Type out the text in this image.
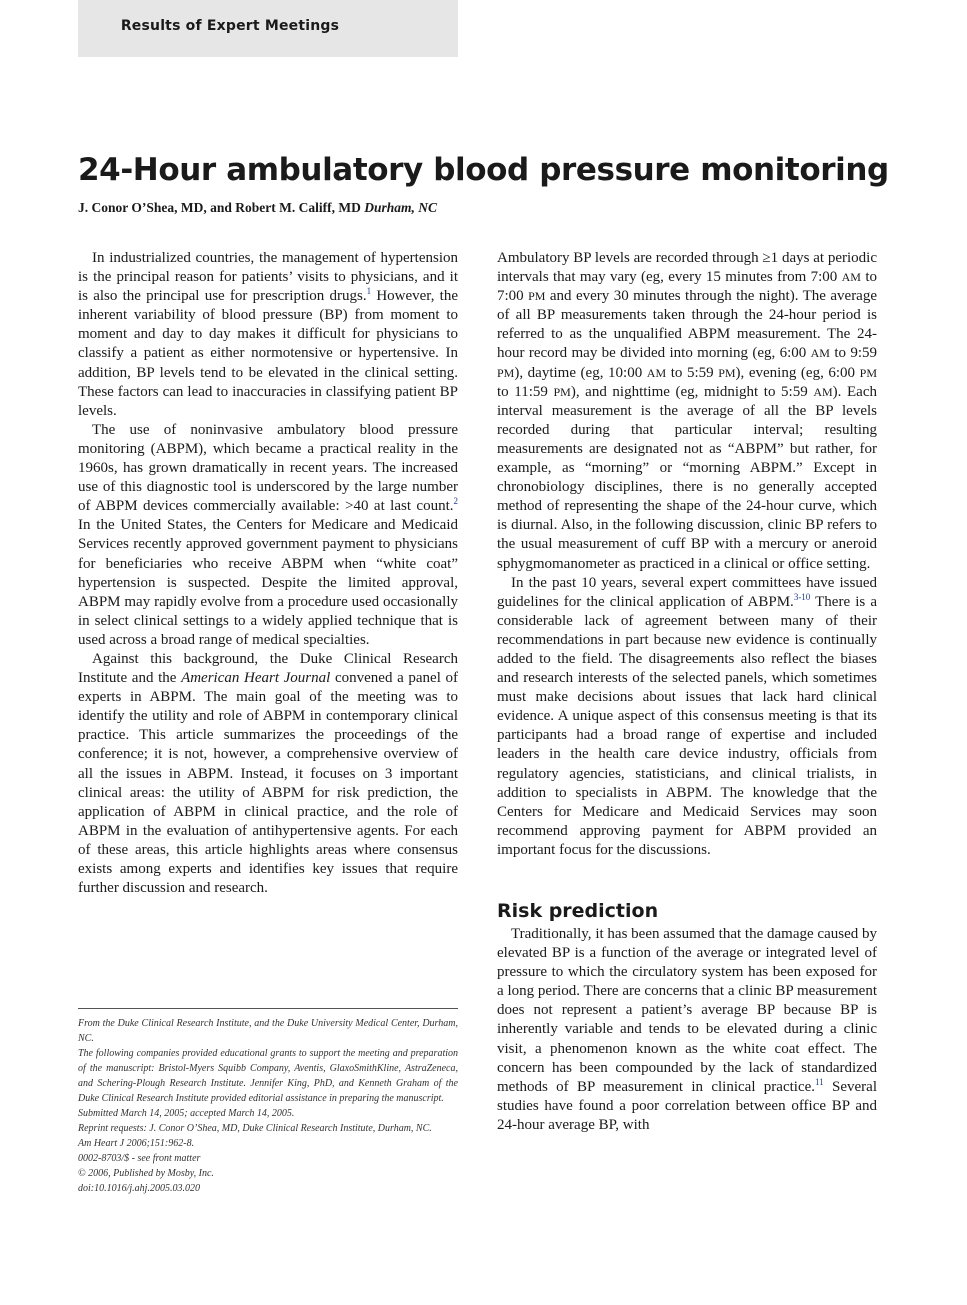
Results of Expert Meetings
24-Hour ambulatory blood pressure monitoring
J. Conor O’Shea, MD, and Robert M. Califf, MD Durham, NC

In industrialized countries, the management of hypertension is the principal reason for patients’ visits to physicians, and it is also the principal use for prescription drugs.$^1$ However, the inherent variability of blood pressure (BP) from moment to moment and day to day makes it difficult for physicians to classify a patient as either normotensive or hypertensive. In addition, BP levels tend to be elevated in the clinical setting. These factors can lead to inaccuracies in classifying patient BP levels.

The use of noninvasive ambulatory blood pressure monitoring (ABPM), which became a practical reality in the 1960s, has grown dramatically in recent years. The increased use of this diagnostic tool is underscored by the large number of ABPM devices commercially available: >40 at last count.$^2$ In the United States, the Centers for Medicare and Medicaid Services recently approved government payment to physicians for beneficiaries who receive ABPM when “white coat” hypertension is suspected. Despite the limited approval, ABPM may rapidly evolve from a procedure used occasionally in select clinical settings to a widely applied technique that is used across a broad range of medical specialties.

Against this background, the Duke Clinical Research Institute and the American Heart Journal convened a panel of experts in ABPM. The main goal of the meeting was to identify the utility and role of ABPM in contemporary clinical practice. This article summarizes the proceedings of the conference; it is not, however, a comprehensive overview of all the issues in ABPM. Instead, it focuses on 3 important clinical areas: the utility of ABPM for risk prediction, the application of ABPM in clinical practice, and the role of ABPM in the evaluation of antihypertensive agents. For each of these areas, this article highlights areas where consensus exists among experts and identifies key issues that require further discussion and research.

From the Duke Clinical Research Institute, and the Duke University Medical Center, Durham, NC.

The following companies provided educational grants to support the meeting and preparation of the manuscript: Bristol-Myers Squibb Company, Aventis, GlaxoSmithKline, AstraZeneca, and Schering-Plough Research Institute. Jennifer King, PhD, and Kenneth Graham of the Duke Clinical Research Institute provided editorial assistance in preparing the manuscript.

Submitted March 14, 2005; accepted March 14, 2005.

Reprint requests: J. Conor O’Shea, MD, Duke Clinical Research Institute, Durham, NC.

Am Heart J 2006;151:962-8.

0002-8703/$ - see front matter

© 2006, Published by Mosby, Inc.

doi:10.1016/j.ahj.2005.03.020

Ambulatory BP levels are recorded through ≥1 days at periodic intervals that may vary (eg, every 15 minutes from 7:00 AM to 7:00 PM and every 30 minutes through the night). The average of all BP measurements taken through the 24-hour period is referred to as the unqualified ABPM measurement. The 24-hour record may be divided into morning (eg, 6:00 AM to 9:59 PM), daytime (eg, 10:00 AM to 5:59 PM), evening (eg, 6:00 PM to 11:59 PM), and nighttime (eg, midnight to 5:59 AM). Each interval measurement is the average of all the BP levels recorded during that particular interval; resulting measurements are designated not as “ABPM” but rather, for example, as “morning” or “morning ABPM.” Except in chronobiology disciplines, there is no generally accepted method of representing the shape of the 24-hour curve, which is diurnal. Also, in the following discussion, clinic BP refers to the usual measurement of cuff BP with a mercury or aneroid sphygmomanometer as practiced in a clinical or office setting.

In the past 10 years, several expert committees have issued guidelines for the clinical application of ABPM.$^{3-10}$ There is a considerable lack of agreement between many of their recommendations in part because new evidence is continually added to the field. The disagreements also reflect the biases and research interests of the selected panels, which sometimes must make decisions about issues that lack hard clinical evidence. A unique aspect of this consensus meeting is that its participants had a broad range of expertise and included leaders in the health care device industry, officials from regulatory agencies, statisticians, and clinical trialists, in addition to specialists in ABPM. The knowledge that the Centers for Medicare and Medicaid Services may soon recommend approving payment for ABPM provided an important focus for the discussions.

Risk prediction

Traditionally, it has been assumed that the damage caused by elevated BP is a function of the average or integrated level of pressure to which the circulatory system has been exposed for a long period. There are concerns that a clinic BP measurement does not represent a patient’s average BP because BP is inherently variable and tends to be elevated during a clinic visit, a phenomenon known as the white coat effect. The concern has been compounded by the lack of standardized methods of BP measurement in clinical practice.$^{11}$ Several studies have found a poor correlation between office BP and 24-hour average BP, with
